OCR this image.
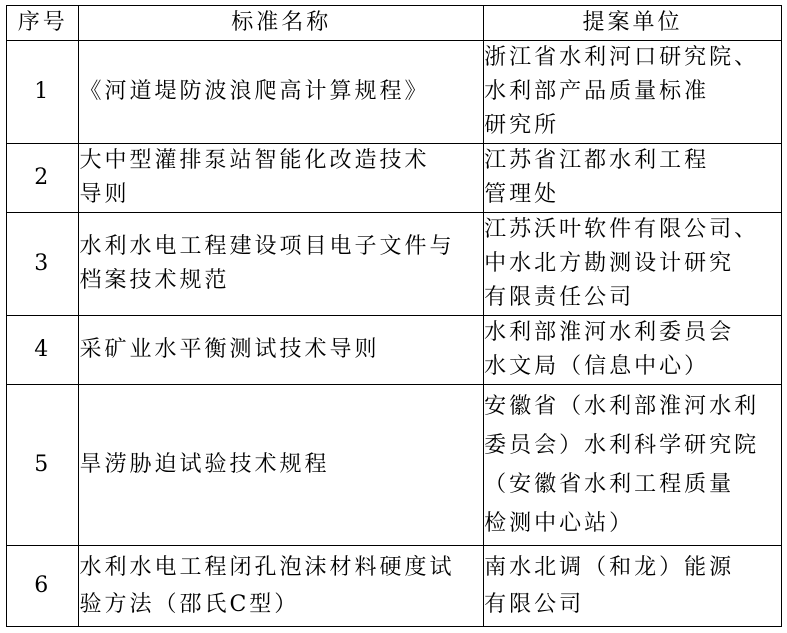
序号	标准名称	提案单位
1	《河道堤防波浪爬高计算规程》	浙江省水利河口研究院、
水利部产品质量标准
研究所

2	大中型灌排泵站智能化改造技术
导则	江苏省江都水利工程
管理处

3	水利水电工程建设项目电子文件与
档案技术规范	江苏沃叶软件有限公司、
中水北方勘测设计研究
有限责任公司

4	采矿业水平衡测试技术导则	水利部淮河水利委员会
水文局（信息中心）

5	旱涝胁迫试验技术规程	安徽省（水利部淮河水利
委员会）水利科学研究院
（安徽省水利工程质量
检测中心站）

6	水利水电工程闭孔泡沫材料硬度试
验方法（邵氏C型）	南水北调（和龙）能源
有限公司
